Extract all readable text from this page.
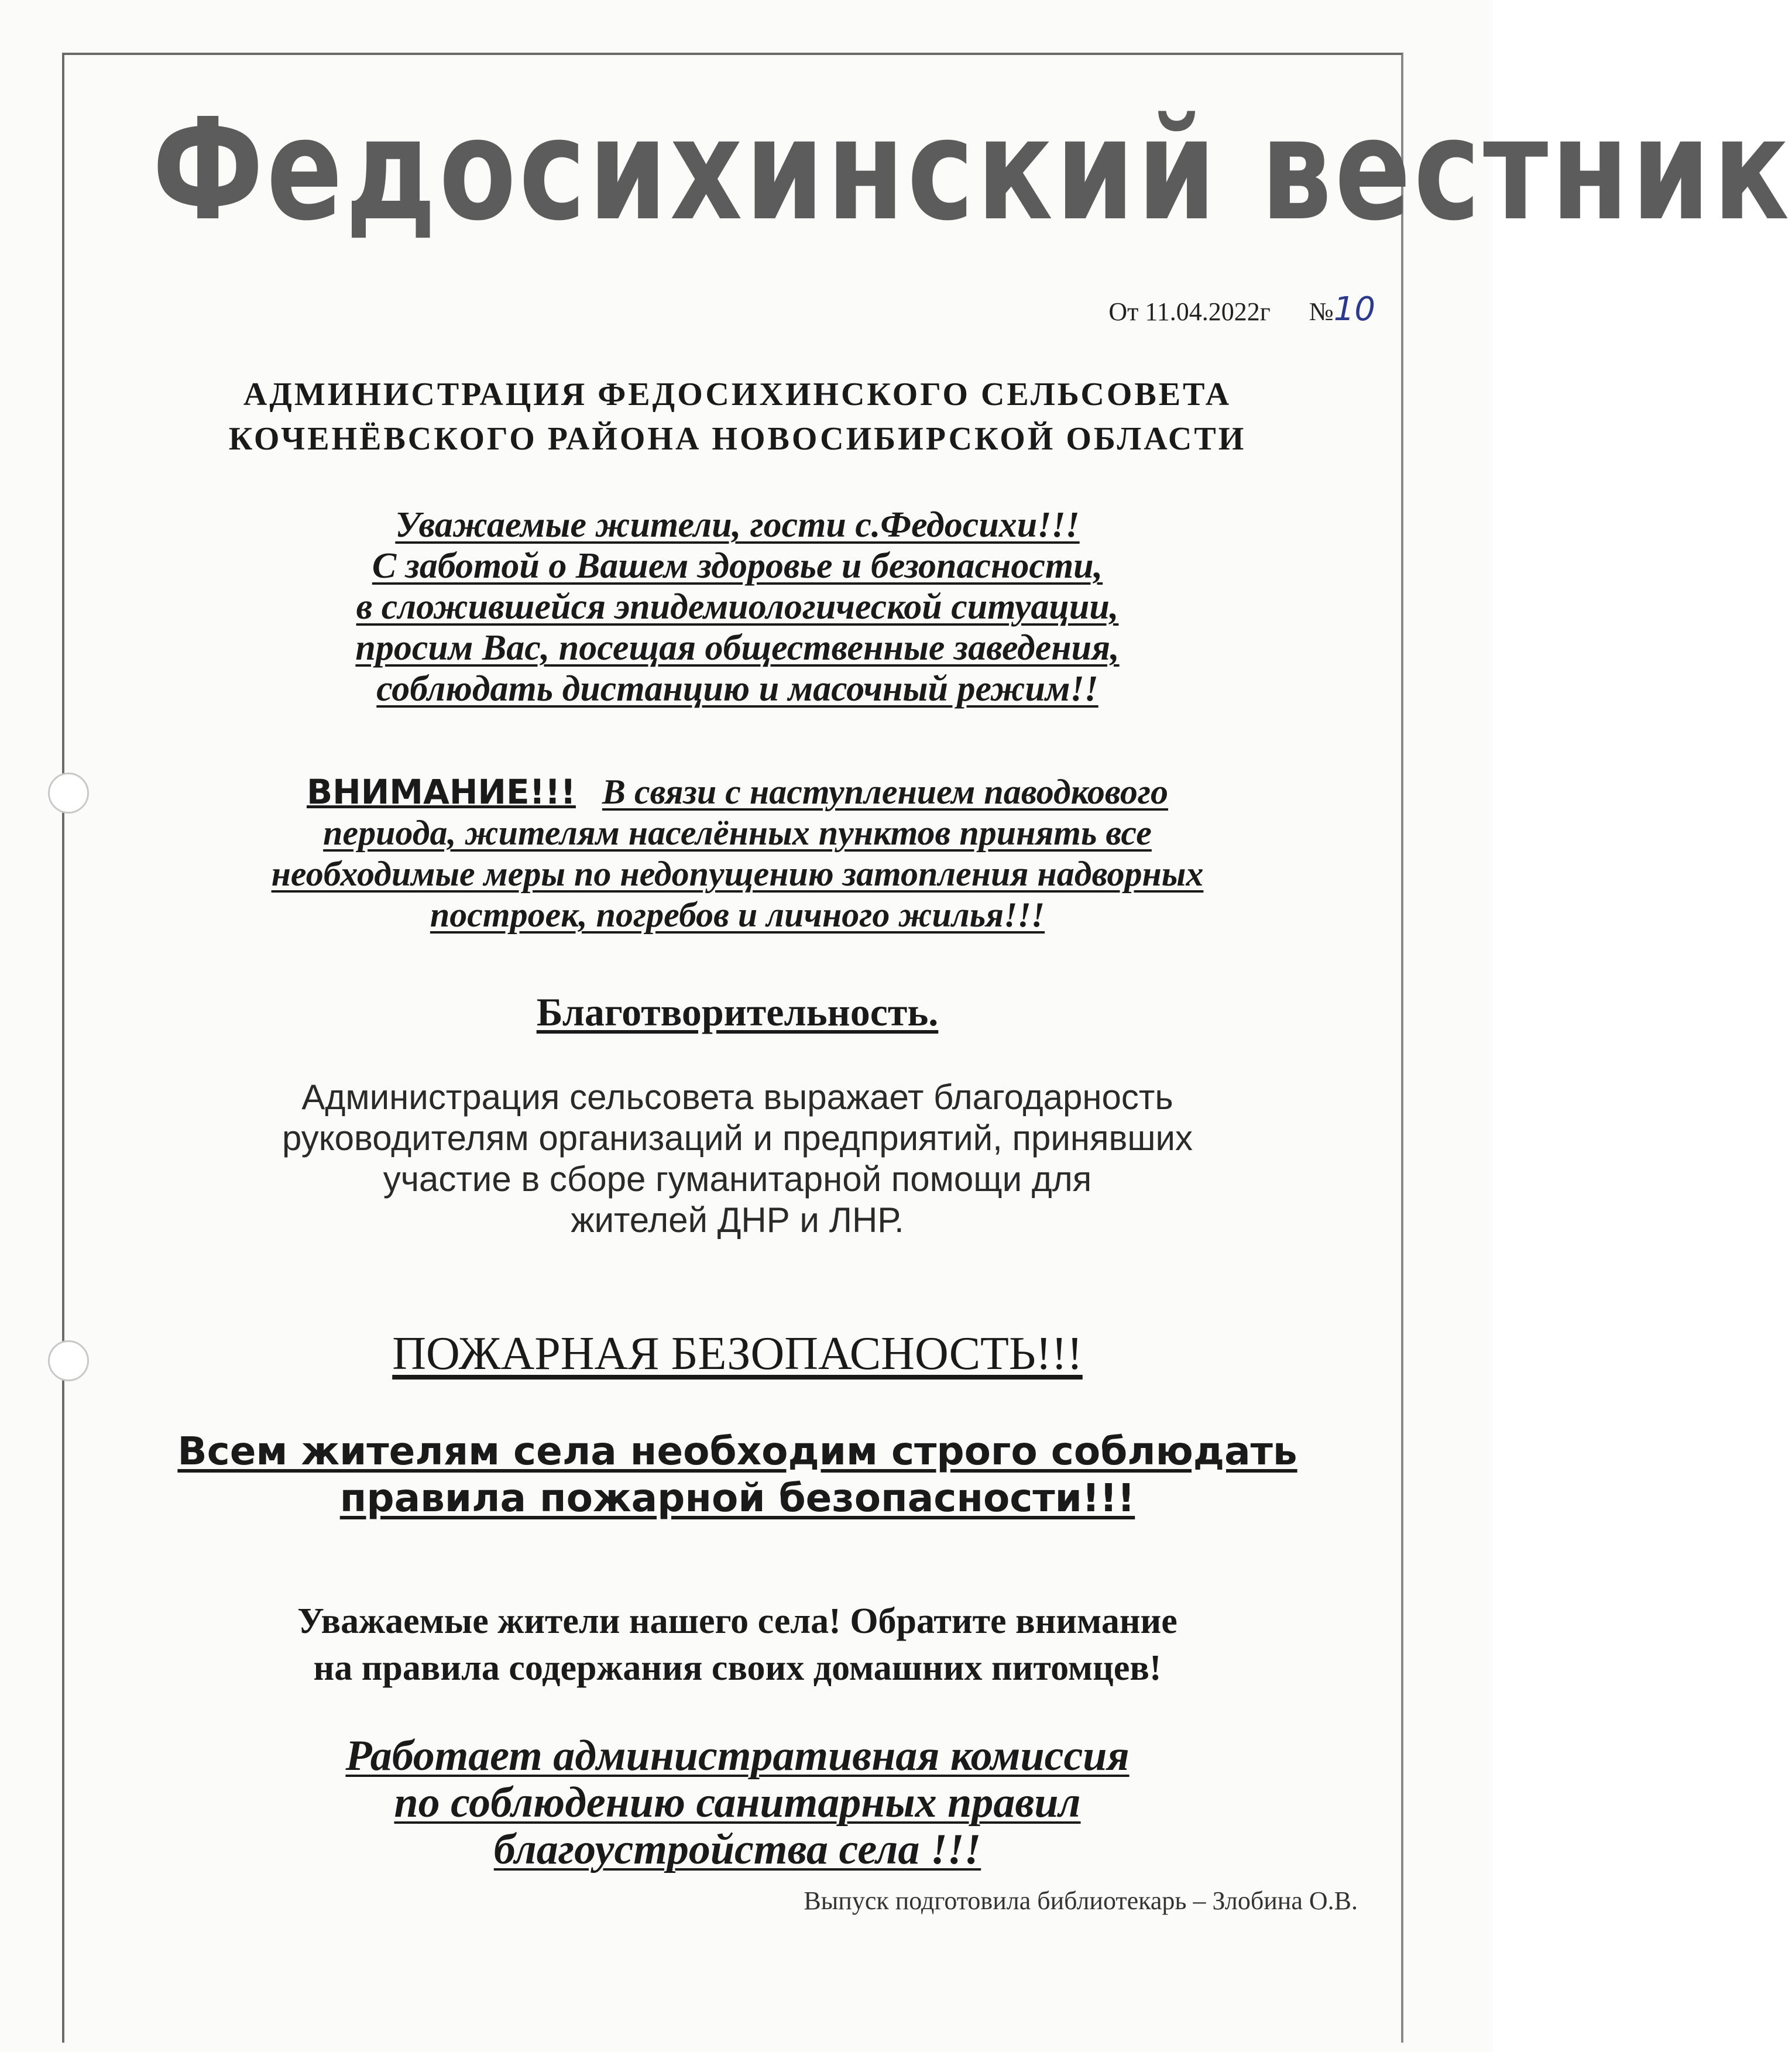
Федосихинский вестник
От 11.04.2022г №10
АДМИНИСТРАЦИЯ ФЕДОСИХИНСКОГО СЕЛЬСОВЕТА
КОЧЕНЁВСКОГО РАЙОНА НОВОСИБИРСКОЙ ОБЛАСТИ
Уважаемые жители, гости с.Федосихи!!!
С заботой о Вашем здоровье и безопасности,
в сложившейся эпидемиологической ситуации,
просим Вас, посещая общественные заведения,
соблюдать дистанцию и масочный режим!!
ВНИМАНИЕ!!! В связи с наступлением паводкового
периода, жителям населённых пунктов принять все
необходимые меры по недопущению затопления надворных
построек, погребов и личного жилья!!!
Благотворительность.
Администрация сельсовета выражает благодарность
руководителям организаций и предприятий, принявших
участие в сборе гуманитарной помощи для
жителей ДНР и ЛНР.
ПОЖАРНАЯ БЕЗОПАСНОСТЬ!!!
Всем жителям села необходим строго соблюдать
правила пожарной безопасности!!!
Уважаемые жители нашего села! Обратите внимание
на правила содержания своих домашних питомцев!
Работает административная комиссия
по соблюдению санитарных правил
благоустройства села !!!
Выпуск подготовила библиотекарь – Злобина О.В.
